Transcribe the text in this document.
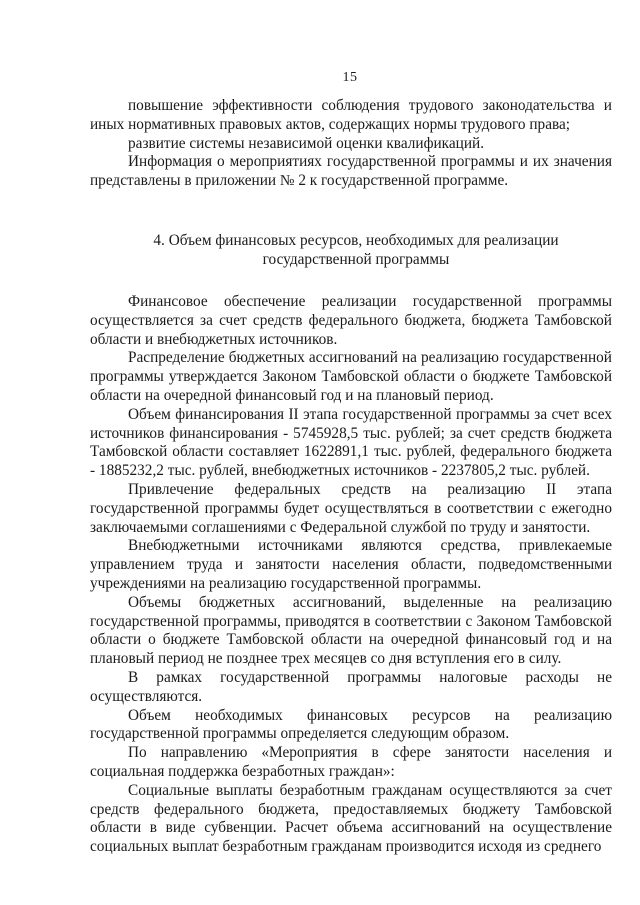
15

повышение эффективности соблюдения трудового законодательства и иных нормативных правовых актов, содержащих нормы трудового права;

развитие системы независимой оценки квалификаций.

Информация о мероприятиях государственной программы и их значения представлены в приложении № 2 к государственной программе.

4. Объем финансовых ресурсов, необходимых для реализации государственной программы

Финансовое обеспечение реализации государственной программы осуществляется за счет средств федерального бюджета, бюджета Тамбовской области и внебюджетных источников.

Распределение бюджетных ассигнований на реализацию государственной программы утверждается Законом Тамбовской области о бюджете Тамбовской области на очередной финансовый год и на плановый период.

Объем финансирования II этапа государственной программы за счет всех источников финансирования - 5745928,5 тыс. рублей; за счет средств бюджета Тамбовской области составляет 1622891,1 тыс. рублей, федерального бюджета - 1885232,2 тыс. рублей, внебюджетных источников - 2237805,2 тыс. рублей.

Привлечение федеральных средств на реализацию II этапа государственной программы будет осуществляться в соответствии с ежегодно заключаемыми соглашениями с Федеральной службой по труду и занятости.

Внебюджетными источниками являются средства, привлекаемые управлением труда и занятости населения области, подведомственными учреждениями на реализацию государственной программы.

Объемы бюджетных ассигнований, выделенные на реализацию государственной программы, приводятся в соответствии с Законом Тамбовской области о бюджете Тамбовской области на очередной финансовый год и на плановый период не позднее трех месяцев со дня вступления его в силу.

В рамках государственной программы налоговые расходы не осуществляются.

Объем необходимых финансовых ресурсов на реализацию государственной программы определяется следующим образом.

По направлению «Мероприятия в сфере занятости населения и социальная поддержка безработных граждан»:

Социальные выплаты безработным гражданам осуществляются за счет средств федерального бюджета, предоставляемых бюджету Тамбовской области в виде субвенции. Расчет объема ассигнований на осуществление социальных выплат безработным гражданам производится исходя из среднего
